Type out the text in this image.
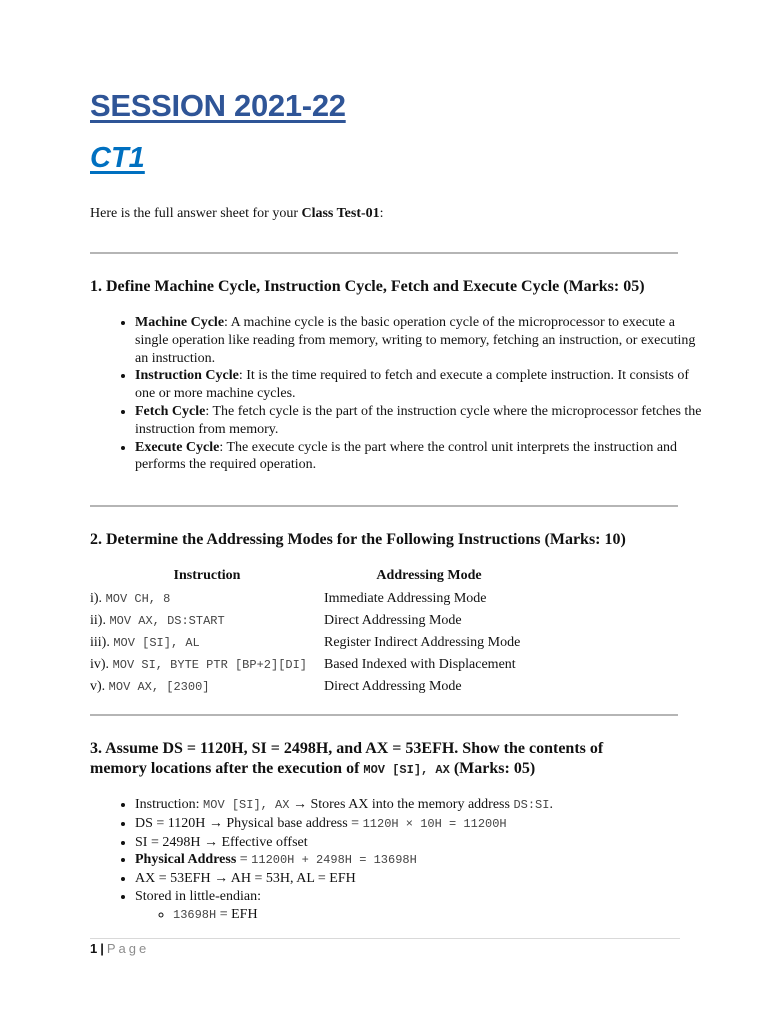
SESSION 2021-22
CT1
Here is the full answer sheet for your Class Test-01:
1. Define Machine Cycle, Instruction Cycle, Fetch and Execute Cycle (Marks: 05)
• Machine Cycle: A machine cycle is the basic operation cycle of the microprocessor to execute a single operation like reading from memory, writing to memory, fetching an instruction, or executing an instruction.
• Instruction Cycle: It is the time required to fetch and execute a complete instruction. It consists of one or more machine cycles.
• Fetch Cycle: The fetch cycle is the part of the instruction cycle where the microprocessor fetches the instruction from memory.
• Execute Cycle: The execute cycle is the part where the control unit interprets the instruction and performs the required operation.
2. Determine the Addressing Modes for the Following Instructions (Marks: 10)
Instruction	Addressing Mode
i). MOV CH, 8	Immediate Addressing Mode
ii). MOV AX, DS:START	Direct Addressing Mode
iii). MOV [SI], AL	Register Indirect Addressing Mode
iv). MOV SI, BYTE PTR [BP+2][DI]	Based Indexed with Displacement
v). MOV AX, [2300]	Direct Addressing Mode
3. Assume DS = 1120H, SI = 2498H, and AX = 53EFH. Show the contents of
memory locations after the execution of MOV [SI], AX (Marks: 05)
• Instruction: MOV [SI], AX → Stores AX into the memory address DS:SI.
• DS = 1120H → Physical base address = 1120H × 10H = 11200H
• SI = 2498H → Effective offset
• Physical Address = 11200H + 2498H = 13698H
• AX = 53EFH → AH = 53H, AL = EFH
• Stored in little-endian:
◦ 13698H = EFH
1 | Page
